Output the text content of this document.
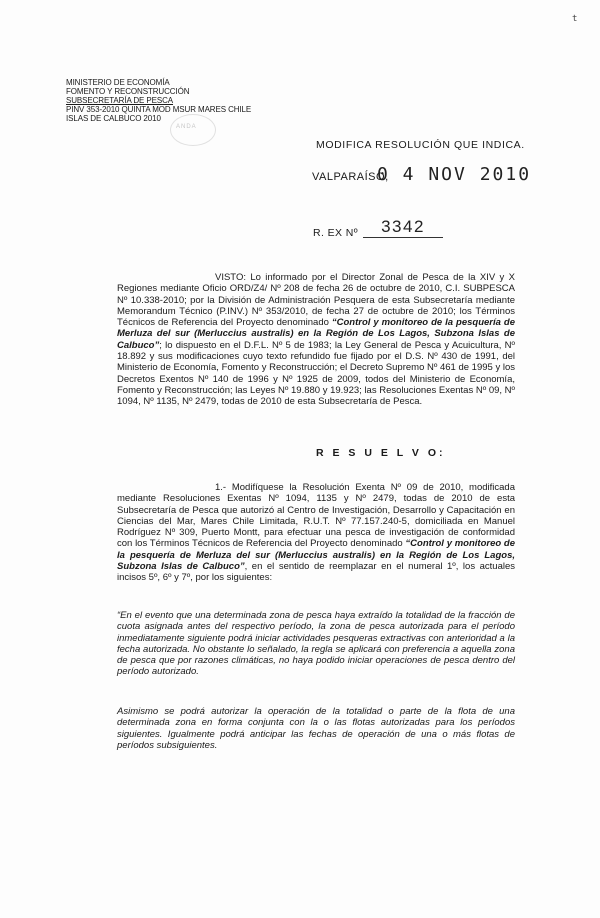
t
MINISTERIO DE ECONOMÍA
FOMENTO Y RECONSTRUCCIÓN
SUBSECRETARÍA DE PESCA
PINV 353-2010 QUINTA MOD MSUR MARES CHILE
ISLAS DE CALBUCO 2010
ANDA
MODIFICA RESOLUCIÓN QUE INDICA.
VALPARAÍSO,
0 4 NOV 2010
R. EX Nº	3342
VISTO: Lo informado por el Director Zonal de Pesca de la XIV y X Regiones mediante Oficio ORD/Z4/ Nº 208 de fecha 26 de octubre de 2010, C.I. SUBPESCA Nº 10.338-2010; por la División de Administración Pesquera de esta Subsecretaría mediante Memorandum Técnico (P.INV.) Nº 353/2010, de fecha 27 de octubre de 2010; los Términos Técnicos de Referencia del Proyecto denominado “Control y monitoreo de la pesquería de Merluza del sur (Merluccius australis) en la Región de Los Lagos, Subzona Islas de Calbuco”; lo dispuesto en el D.F.L. Nº 5 de 1983; la Ley General de Pesca y Acuicultura, Nº 18.892 y sus modificaciones cuyo texto refundido fue fijado por el D.S. Nº 430 de 1991, del Ministerio de Economía, Fomento y Reconstrucción; el Decreto Supremo Nº 461 de 1995 y los Decretos Exentos Nº 140 de 1996 y Nº 1925 de 2009, todos del Ministerio de Economía, Fomento y Reconstrucción; las Leyes Nº 19.880 y 19.923; las Resoluciones Exentas Nº 09, Nº 1094, Nº 1135, Nº 2479, todas de 2010 de esta Subsecretaría de Pesca.
R E S U E L V O:
1.- Modifíquese la Resolución Exenta Nº 09 de 2010, modificada mediante Resoluciones Exentas Nº 1094, 1135 y Nº 2479, todas de 2010 de esta Subsecretaría de Pesca que autorizó al Centro de Investigación, Desarrollo y Capacitación en Ciencias del Mar, Mares Chile Limitada, R.U.T. Nº 77.157.240-5, domiciliada en Manuel Rodríguez Nº 309, Puerto Montt, para efectuar una pesca de investigación de conformidad con los Términos Técnicos de Referencia del Proyecto denominado “Control y monitoreo de la pesquería de Merluza del sur (Merluccius australis) en la Región de Los Lagos, Subzona Islas de Calbuco”, en el sentido de reemplazar en el numeral 1º, los actuales incisos 5º, 6º y 7º, por los siguientes:
“En el evento que una determinada zona de pesca haya extraído la totalidad de la fracción de cuota asignada antes del respectivo período, la zona de pesca autorizada para el período inmediatamente siguiente podrá iniciar actividades pesqueras extractivas con anterioridad a la fecha autorizada. No obstante lo señalado, la regla se aplicará con preferencia a aquella zona de pesca que por razones climáticas, no haya podido iniciar operaciones de pesca dentro del período autorizado.
Asimismo se podrá autorizar la operación de la totalidad o parte de la flota de una determinada zona en forma conjunta con la o las flotas autorizadas para los períodos siguientes. Igualmente podrá anticipar las fechas de operación de una o más flotas de períodos subsiguientes.
